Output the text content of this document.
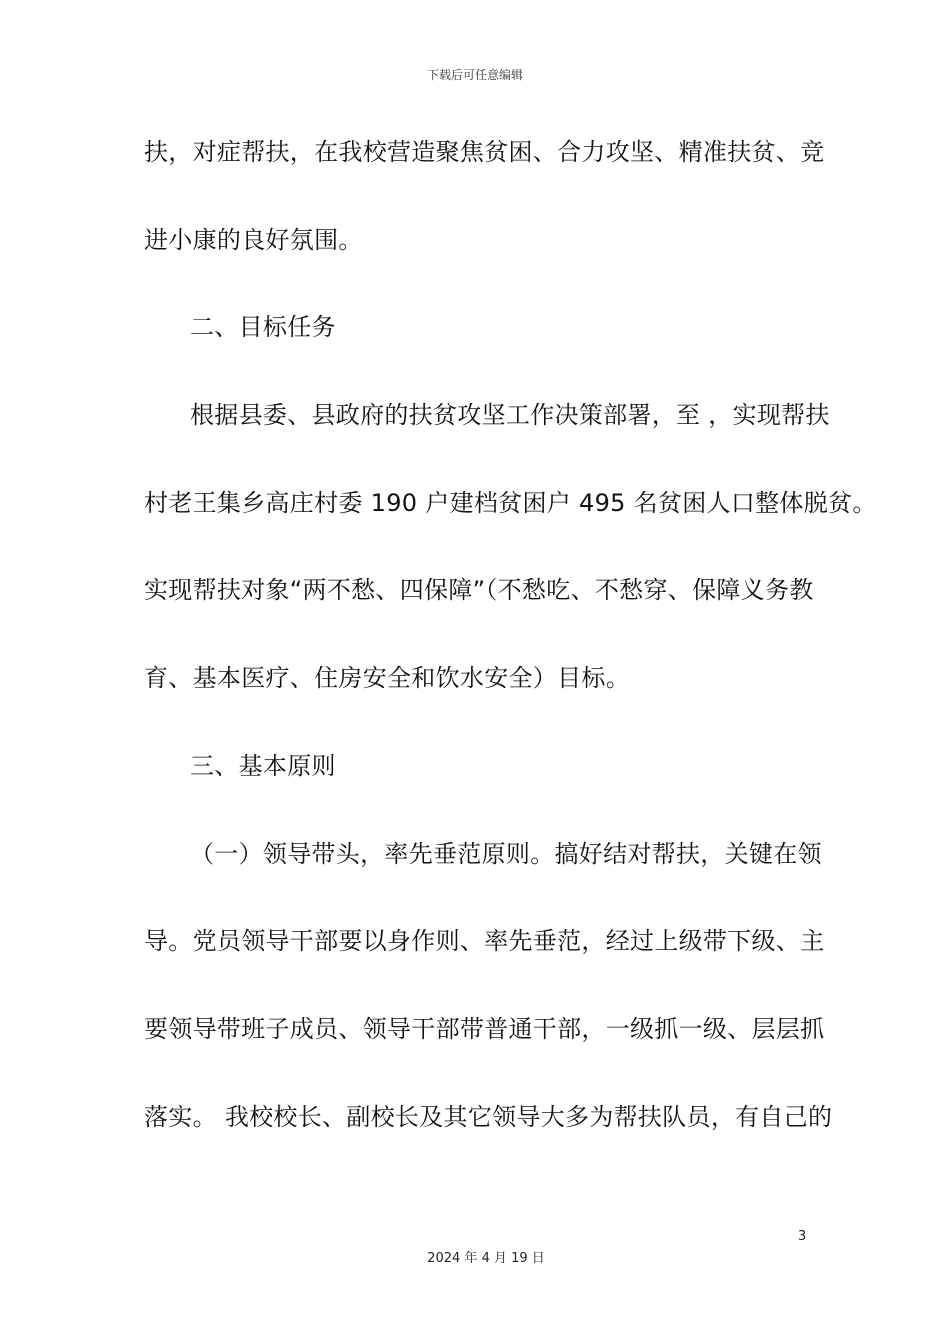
下载后可任意编辑
扶，对症帮扶，在我校营造聚焦贫困、合力攻坚、精准扶贫、竞
进小康的良好氛围。
二、目标任务
根据县委、县政府的扶贫攻坚工作决策部署，至 ，实现帮扶
村老王集乡高庄村委 190 户建档贫困户 495 名贫困人口整体脱贫。
实现帮扶对象“两不愁、四保障”（不愁吃、不愁穿、保障义务教
育、基本医疗、住房安全和饮水安全）目标。
三、基本原则
（一）领导带头，率先垂范原则。搞好结对帮扶，关键在领
导。党员领导干部要以身作则、率先垂范，经过上级带下级、主
要领导带班子成员、领导干部带普通干部，一级抓一级、层层抓
落实。 我校校长、副校长及其它领导大多为帮扶队员，有自己的
3
2024 年 4 月 19 日
